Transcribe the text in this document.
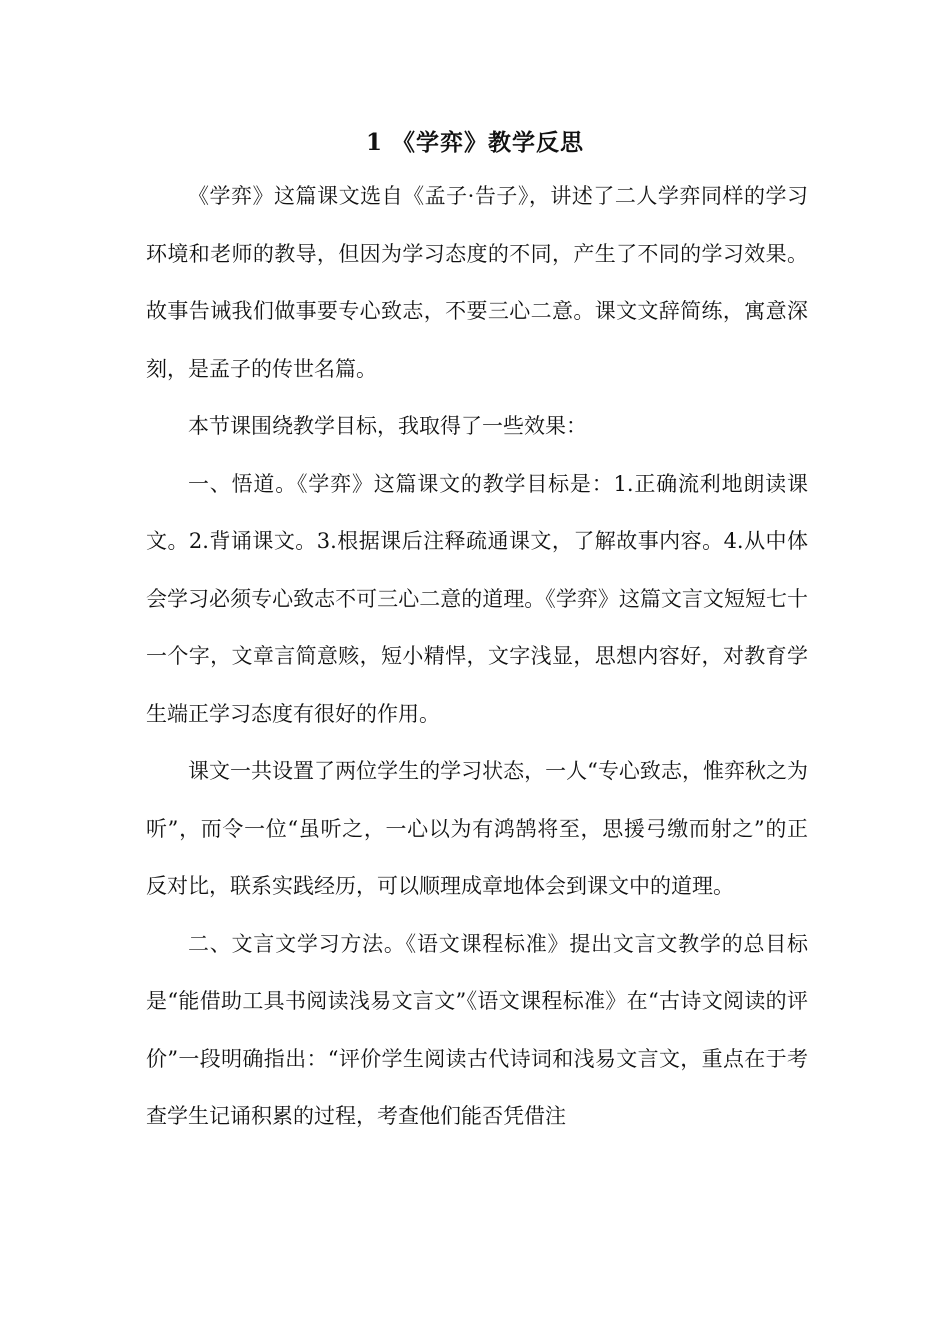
1 《学弈》教学反思

《学弈》这篇课文选自《孟子·告子》，讲述了二人学弈同样的学习环境和老师的教导，但因为学习态度的不同，产生了不同的学习效果。故事告诫我们做事要专心致志，不要三心二意。课文文辞简练，寓意深刻，是孟子的传世名篇。

本节课围绕教学目标，我取得了一些效果：

一、悟道。《学弈》这篇课文的教学目标是：1.正确流利地朗读课文。2.背诵课文。3.根据课后注释疏通课文，了解故事内容。4.从中体会学习必须专心致志不可三心二意的道理。《学弈》这篇文言文短短七十一个字，文章言简意赅，短小精悍，文字浅显，思想内容好，对教育学生端正学习态度有很好的作用。

课文一共设置了两位学生的学习状态，一人“专心致志，惟弈秋之为听”，而令一位“虽听之，一心以为有鸿鹄将至，思援弓缴而射之”的正反对比，联系实践经历，可以顺理成章地体会到课文中的道理。

二、文言文学习方法。《语文课程标准》提出文言文教学的总目标是“能借助工具书阅读浅易文言文”《语文课程标准》在“古诗文阅读的评价”一段明确指出：“评价学生阅读古代诗词和浅易文言文，重点在于考查学生记诵积累的过程，考查他们能否凭借注
